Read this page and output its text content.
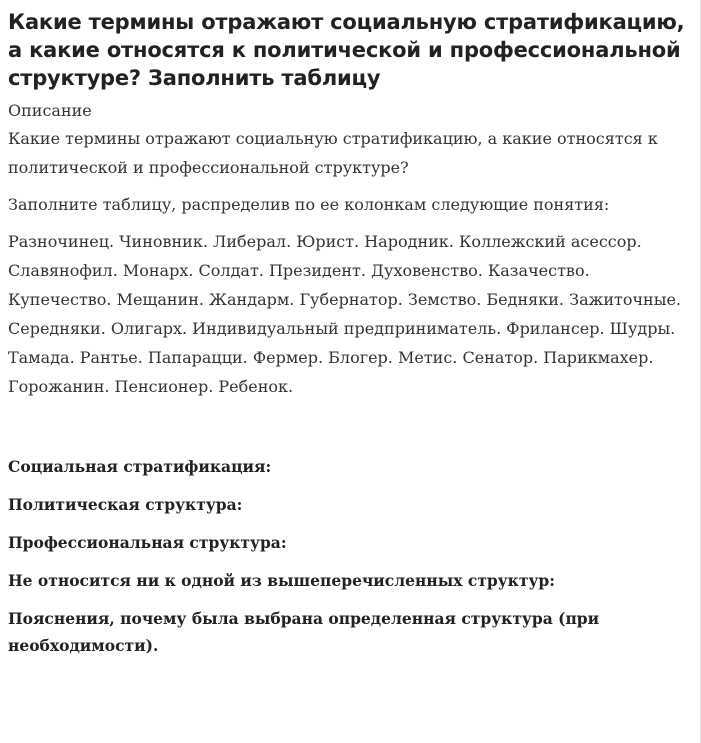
Какие термины отражают социальную стратификацию, а какие относятся к политической и профессиональной структуре? Заполнить таблицу
Описание

Какие термины отражают социальную стратификацию, а какие относятся к политической и профессиональной структуре?

Заполните таблицу, распределив по ее колонкам следующие понятия:

Разночинец. Чиновник. Либерал. Юрист. Народник. Коллежский асессор. Славянофил. Монарх. Солдат. Президент. Духовенство. Казачество. Купечество. Мещанин. Жандарм. Губернатор. Земство. Бедняки. Зажиточные. Середняки. Олигарх. Индивидуальный предприниматель. Фрилансер. Шудры. Тамада. Рантье. Папарацци. Фермер. Блогер. Метис. Сенатор. Парикмахер. Горожанин. Пенсионер. Ребенок.

Социальная стратификация:
Политическая структура:
Профессиональная структура:
Не относится ни к одной из вышеперечисленных структур:
Пояснения, почему была выбрана определенная структура (при необходимости).
